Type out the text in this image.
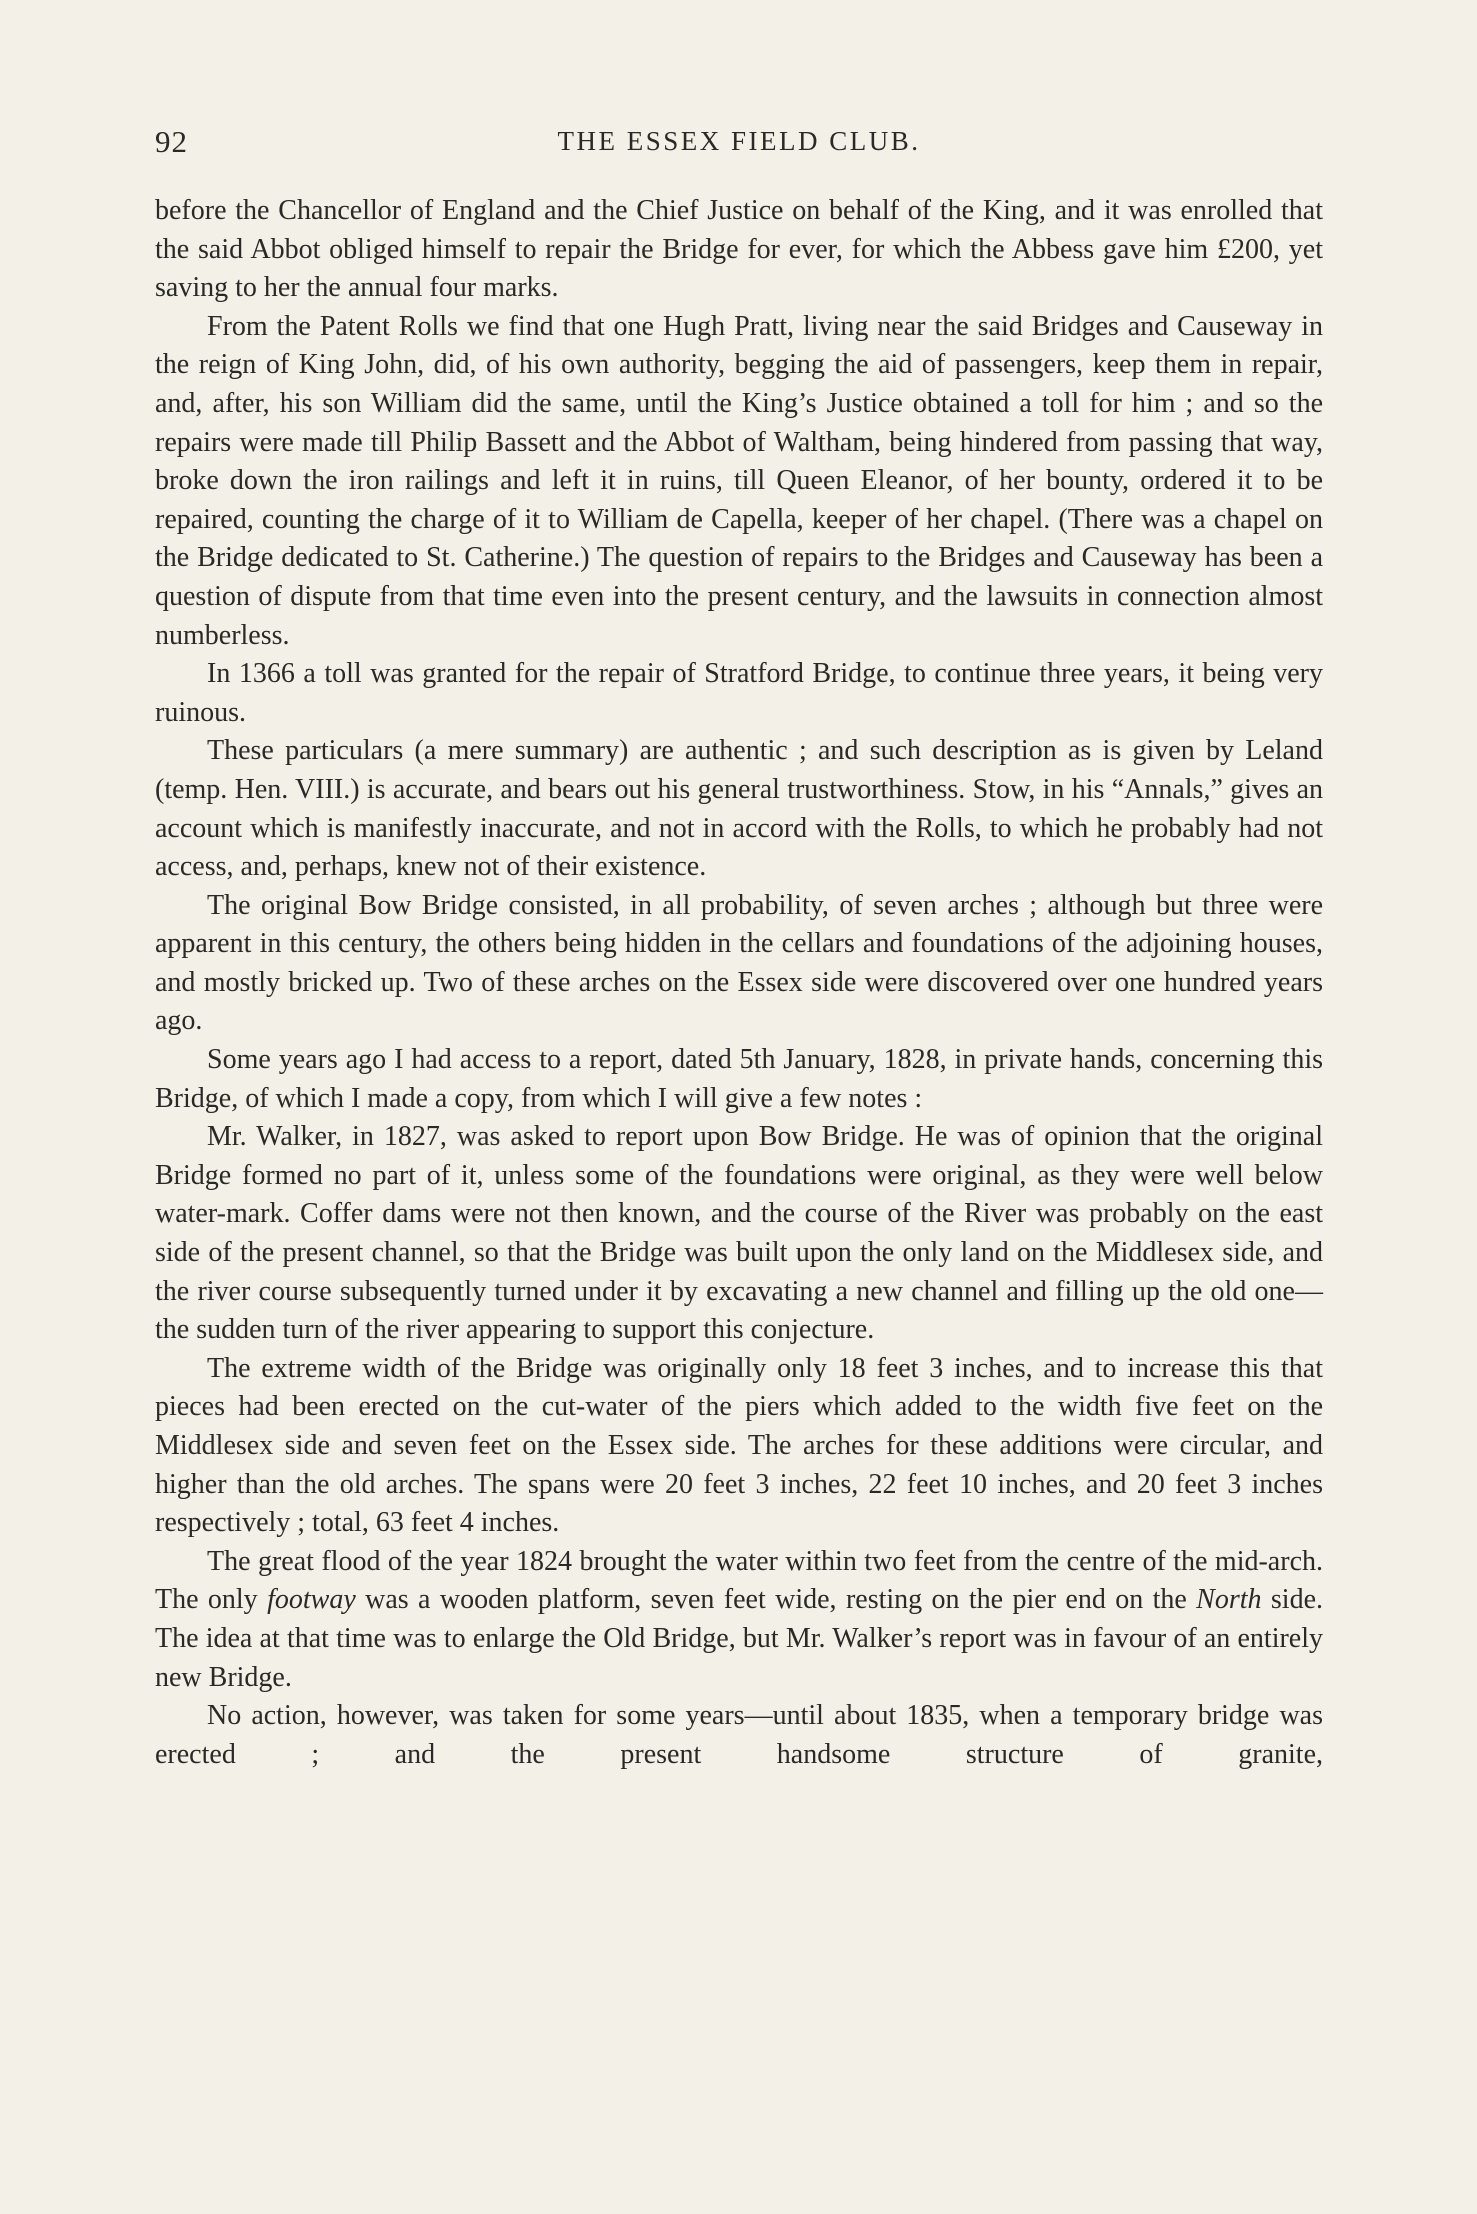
92	THE ESSEX FIELD CLUB.

before the Chancellor of England and the Chief Justice on behalf of the King, and it was enrolled that the said Abbot obliged himself to repair the Bridge for ever, for which the Abbess gave him £200, yet saving to her the annual four marks.

From the Patent Rolls we find that one Hugh Pratt, living near the said Bridges and Causeway in the reign of King John, did, of his own authority, begging the aid of passengers, keep them in repair, and, after, his son William did the same, until the King’s Justice obtained a toll for him ; and so the repairs were made till Philip Bassett and the Abbot of Waltham, being hindered from passing that way, broke down the iron railings and left it in ruins, till Queen Eleanor, of her bounty, ordered it to be repaired, counting the charge of it to William de Capella, keeper of her chapel. (There was a chapel on the Bridge dedicated to St. Catherine.) The question of repairs to the Bridges and Causeway has been a question of dispute from that time even into the present century, and the lawsuits in connection almost numberless.

In 1366 a toll was granted for the repair of Stratford Bridge, to continue three years, it being very ruinous.

These particulars (a mere summary) are authentic ; and such description as is given by Leland (temp. Hen. VIII.) is accurate, and bears out his general trustworthiness. Stow, in his “Annals,” gives an account which is manifestly inaccurate, and not in accord with the Rolls, to which he probably had not access, and, perhaps, knew not of their existence.

The original Bow Bridge consisted, in all probability, of seven arches ; although but three were apparent in this century, the others being hidden in the cellars and foundations of the adjoining houses, and mostly bricked up. Two of these arches on the Essex side were discovered over one hundred years ago.

Some years ago I had access to a report, dated 5th January, 1828, in private hands, concerning this Bridge, of which I made a copy, from which I will give a few notes :

Mr. Walker, in 1827, was asked to report upon Bow Bridge. He was of opinion that the original Bridge formed no part of it, unless some of the foundations were original, as they were well below water-mark. Coffer dams were not then known, and the course of the River was probably on the east side of the present channel, so that the Bridge was built upon the only land on the Middlesex side, and the river course subsequently turned under it by excavating a new channel and filling up the old one—the sudden turn of the river appearing to support this conjecture.

The extreme width of the Bridge was originally only 18 feet 3 inches, and to increase this that pieces had been erected on the cut-water of the piers which added to the width five feet on the Middlesex side and seven feet on the Essex side. The arches for these additions were circular, and higher than the old arches. The spans were 20 feet 3 inches, 22 feet 10 inches, and 20 feet 3 inches respectively ; total, 63 feet 4 inches.

The great flood of the year 1824 brought the water within two feet from the centre of the mid-arch. The only footway was a wooden platform, seven feet wide, resting on the pier end on the North side. The idea at that time was to enlarge the Old Bridge, but Mr. Walker’s report was in favour of an entirely new Bridge.

No action, however, was taken for some years—until about 1835, when a temporary bridge was erected ; and the present handsome structure of granite,
